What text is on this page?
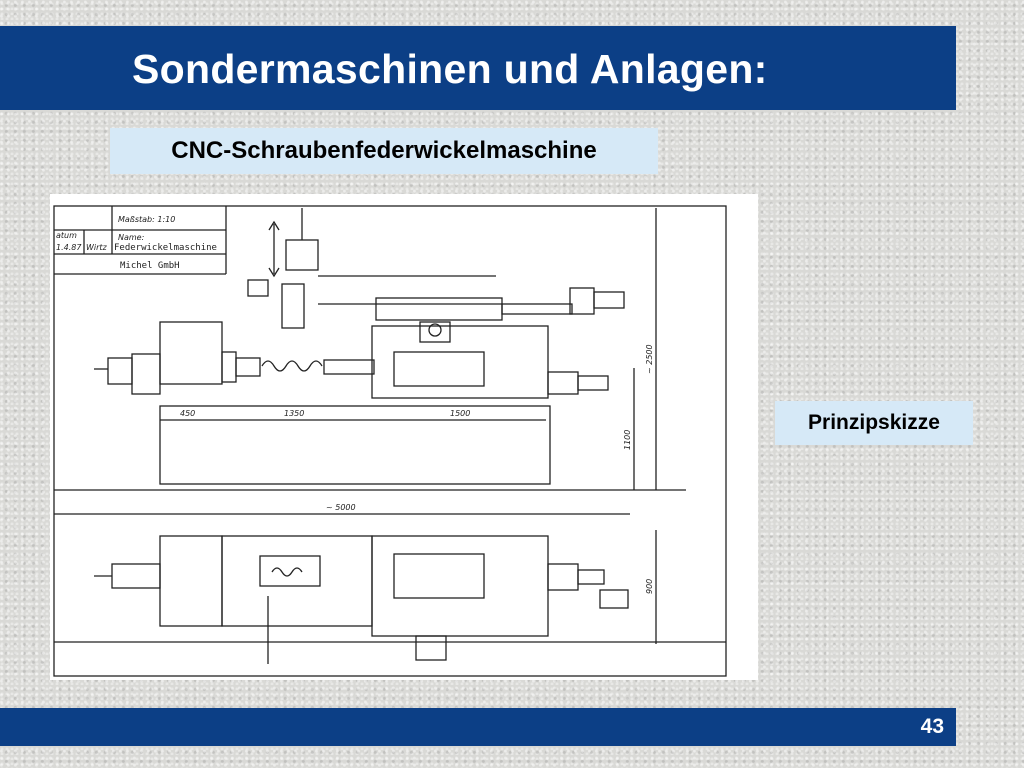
Sondermaschinen und Anlagen:
CNC-Schraubenfederwickelmaschine
Maßstab: 1:10
Name:
atum
1.4.87 Wirtz Federwickelmaschine
Michel GmbH
450	1350	1500
~ 5000
~ 2500
1100
900
Prinzipskizze
43
